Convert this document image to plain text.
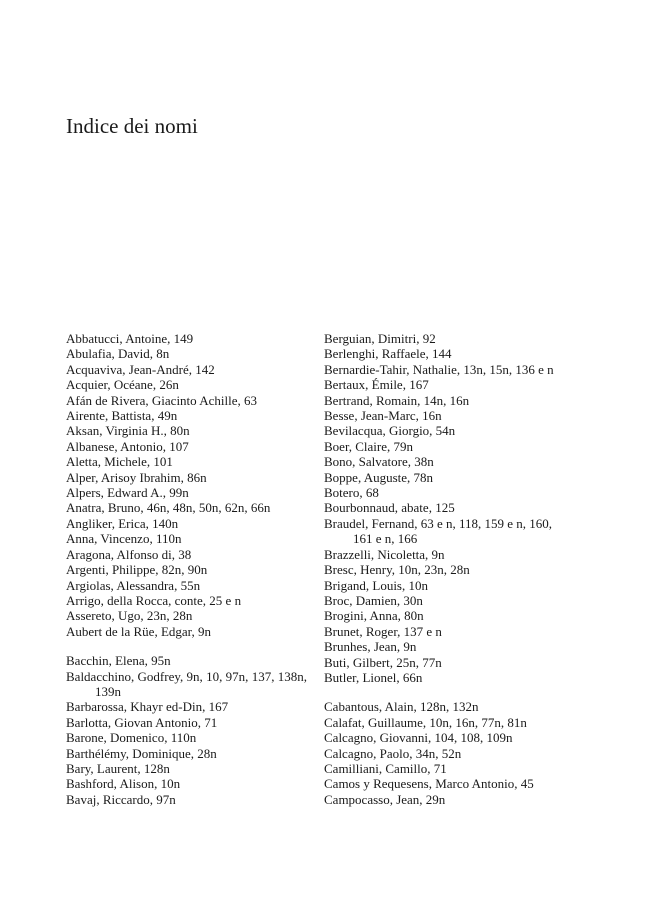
Indice dei nomi
Abbatucci, Antoine, 149
Abulafia, David, 8n
Acquaviva, Jean-André, 142
Acquier, Océane, 26n
Afán de Rivera, Giacinto Achille, 63
Airente, Battista, 49n
Aksan, Virginia H., 80n
Albanese, Antonio, 107
Aletta, Michele, 101
Alper, Arisoy Ibrahim, 86n
Alpers, Edward A., 99n
Anatra, Bruno, 46n, 48n, 50n, 62n, 66n
Angliker, Erica, 140n
Anna, Vincenzo, 110n
Aragona, Alfonso di, 38
Argenti, Philippe, 82n, 90n
Argiolas, Alessandra, 55n
Arrigo, della Rocca, conte, 25 e n
Assereto, Ugo, 23n, 28n
Aubert de la Rüe, Edgar, 9n
Bacchin, Elena, 95n
Baldacchino, Godfrey, 9n, 10, 97n, 137, 138n, 139n
Barbarossa, Khayr ed-Din, 167
Barlotta, Giovan Antonio, 71
Barone, Domenico, 110n
Barthélémy, Dominique, 28n
Bary, Laurent, 128n
Bashford, Alison, 10n
Bavaj, Riccardo, 97n
Berguian, Dimitri, 92
Berlenghi, Raffaele, 144
Bernardie-Tahir, Nathalie, 13n, 15n, 136 e n
Bertaux, Émile, 167
Bertrand, Romain, 14n, 16n
Besse, Jean-Marc, 16n
Bevilacqua, Giorgio, 54n
Boer, Claire, 79n
Bono, Salvatore, 38n
Boppe, Auguste, 78n
Botero, 68
Bourbonnaud, abate, 125
Braudel, Fernand, 63 e n, 118, 159 e n, 160, 161 e n, 166
Brazzelli, Nicoletta, 9n
Bresc, Henry, 10n, 23n, 28n
Brigand, Louis, 10n
Broc, Damien, 30n
Brogini, Anna, 80n
Brunet, Roger, 137 e n
Brunhes, Jean, 9n
Buti, Gilbert, 25n, 77n
Butler, Lionel, 66n
Cabantous, Alain, 128n, 132n
Calafat, Guillaume, 10n, 16n, 77n, 81n
Calcagno, Giovanni, 104, 108, 109n
Calcagno, Paolo, 34n, 52n
Camilliani, Camillo, 71
Camos y Requesens, Marco Antonio, 45
Campocasso, Jean, 29n
